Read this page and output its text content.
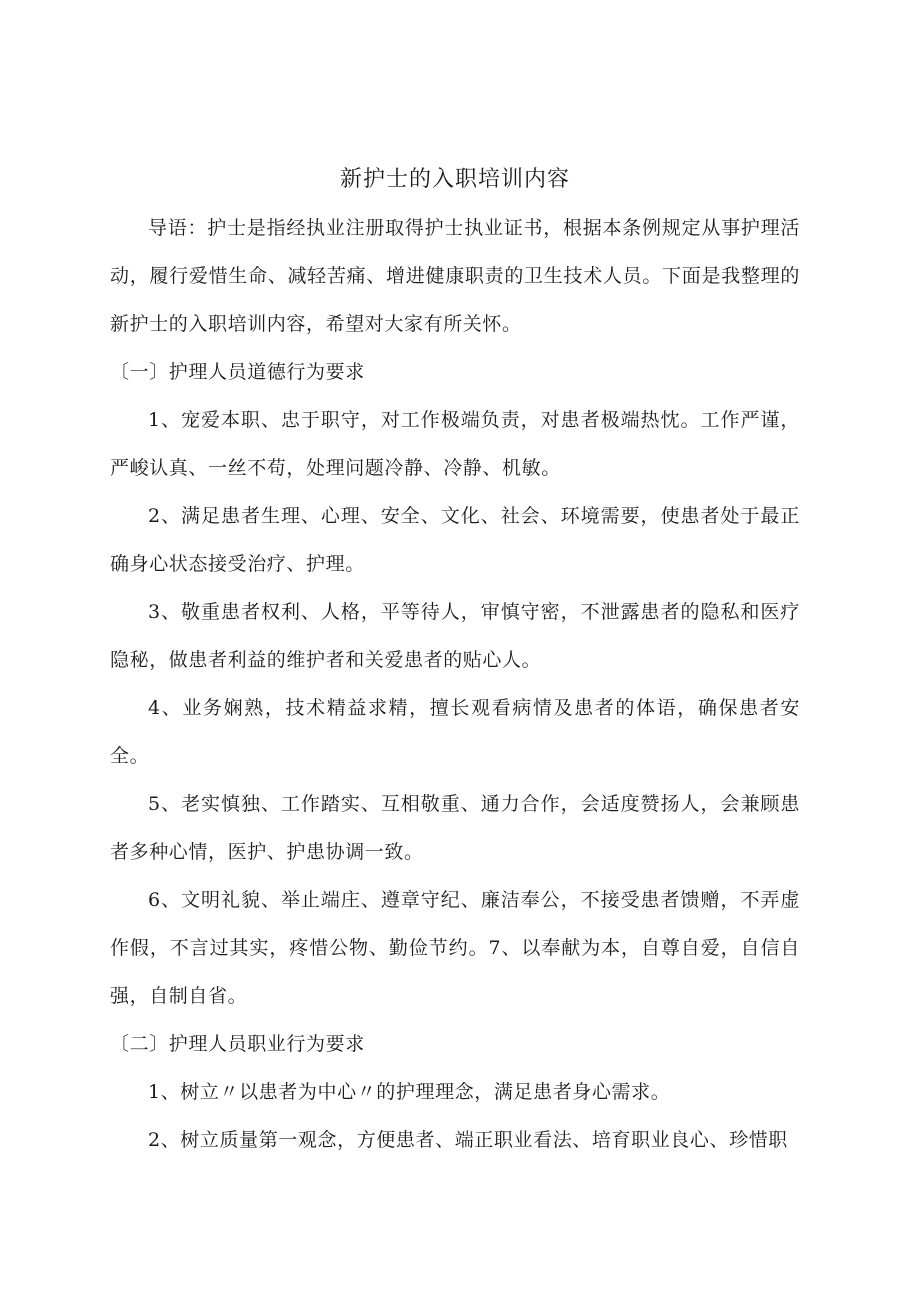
新护士的入职培训内容

导语：护士是指经执业注册取得护士执业证书，根据本条例规定从事护理活动，履行爱惜生命、减轻苦痛、增进健康职责的卫生技术人员。下面是我整理的新护士的入职培训内容，希望对大家有所关怀。

〔一〕护理人员道德行为要求

1、宠爱本职、忠于职守，对工作极端负责，对患者极端热忱。工作严谨，严峻认真、一丝不苟，处理问题冷静、冷静、机敏。

2、满足患者生理、心理、安全、文化、社会、环境需要，使患者处于最正确身心状态接受治疗、护理。

3、敬重患者权利、人格，平等待人，审慎守密，不泄露患者的隐私和医疗隐秘，做患者利益的维护者和关爱患者的贴心人。

4、业务娴熟，技术精益求精，擅长观看病情及患者的体语，确保患者安全。

5、老实慎独、工作踏实、互相敬重、通力合作，会适度赞扬人，会兼顾患者多种心情，医护、护患协调一致。

6、文明礼貌、举止端庄、遵章守纪、廉洁奉公，不接受患者馈赠，不弄虚作假，不言过其实，疼惜公物、勤俭节约。7、以奉献为本，自尊自爱，自信自强，自制自省。

〔二〕护理人员职业行为要求

1、树立〃以患者为中心〃的护理理念，满足患者身心需求。

2、树立质量第一观念，方便患者、端正职业看法、培育职业良心、珍惜职
